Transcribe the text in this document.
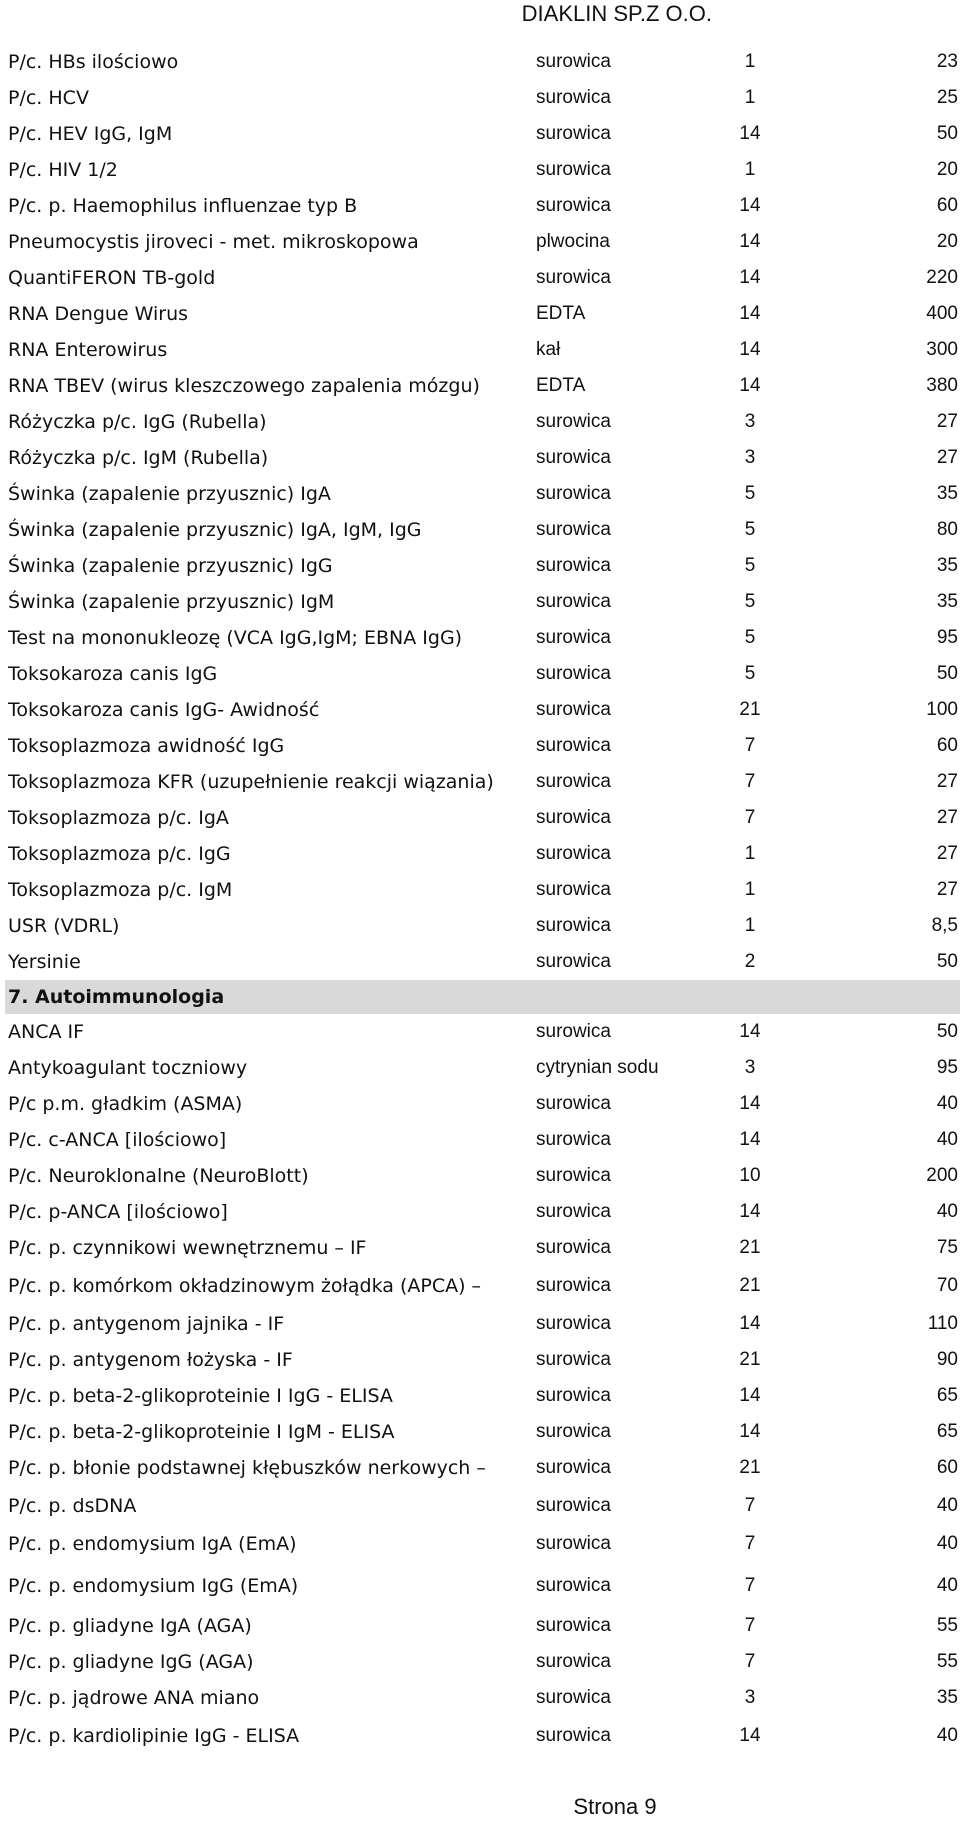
DIAKLIN SP.Z O.O.
P/c. HBs ilościowo	surowica	1	23
P/c. HCV	surowica	1	25
P/c. HEV IgG, IgM	surowica	14	50
P/c. HIV 1/2	surowica	1	20
P/c. p. Haemophilus influenzae typ B	surowica	14	60
Pneumocystis jiroveci - met. mikroskopowa	plwocina	14	20
QuantiFERON TB-gold	surowica	14	220
RNA Dengue Wirus	EDTA	14	400
RNA Enterowirus	kał	14	300
RNA TBEV (wirus kleszczowego zapalenia mózgu)	EDTA	14	380
Różyczka p/c. IgG (Rubella)	surowica	3	27
Różyczka p/c. IgM (Rubella)	surowica	3	27
Świnka (zapalenie przyusznic) IgA	surowica	5	35
Świnka (zapalenie przyusznic) IgA, IgM, IgG	surowica	5	80
Świnka (zapalenie przyusznic) IgG	surowica	5	35
Świnka (zapalenie przyusznic) IgM	surowica	5	35
Test na mononukleozę (VCA IgG,IgM; EBNA IgG)	surowica	5	95
Toksokaroza canis IgG	surowica	5	50
Toksokaroza canis IgG- Awidność	surowica	21	100
Toksoplazmoza awidność IgG	surowica	7	60
Toksoplazmoza KFR (uzupełnienie reakcji wiązania)	surowica	7	27
Toksoplazmoza p/c. IgA	surowica	7	27
Toksoplazmoza p/c. IgG	surowica	1	27
Toksoplazmoza p/c. IgM	surowica	1	27
USR (VDRL)	surowica	1	8,5
Yersinie	surowica	2	50
7. Autoimmunologia
ANCA IF	surowica	14	50
Antykoagulant toczniowy	cytrynian sodu	3	95
P/c p.m. gładkim (ASMA)	surowica	14	40
P/c. c-ANCA [ilościowo]	surowica	14	40
P/c. Neuroklonalne (NeuroBlott)	surowica	10	200
P/c. p-ANCA [ilościowo]	surowica	14	40
P/c. p. czynnikowi wewnętrznemu – IF	surowica	21	75
P/c. p. komórkom okładzinowym żołądka (APCA) –	surowica	21	70
P/c. p. antygenom jajnika - IF	surowica	14	110
P/c. p. antygenom łożyska - IF	surowica	21	90
P/c. p. beta-2-glikoproteinie I IgG - ELISA	surowica	14	65
P/c. p. beta-2-glikoproteinie I IgM - ELISA	surowica	14	65
P/c. p. błonie podstawnej kłębuszków nerkowych –	surowica	21	60
P/c. p. dsDNA	surowica	7	40
P/c. p. endomysium IgA (EmA)	surowica	7	40
P/c. p. endomysium IgG (EmA)	surowica	7	40
P/c. p. gliadyne IgA (AGA)	surowica	7	55
P/c. p. gliadyne IgG (AGA)	surowica	7	55
P/c. p. jądrowe ANA miano	surowica	3	35
P/c. p. kardiolipinie IgG - ELISA	surowica	14	40
Strona 9
